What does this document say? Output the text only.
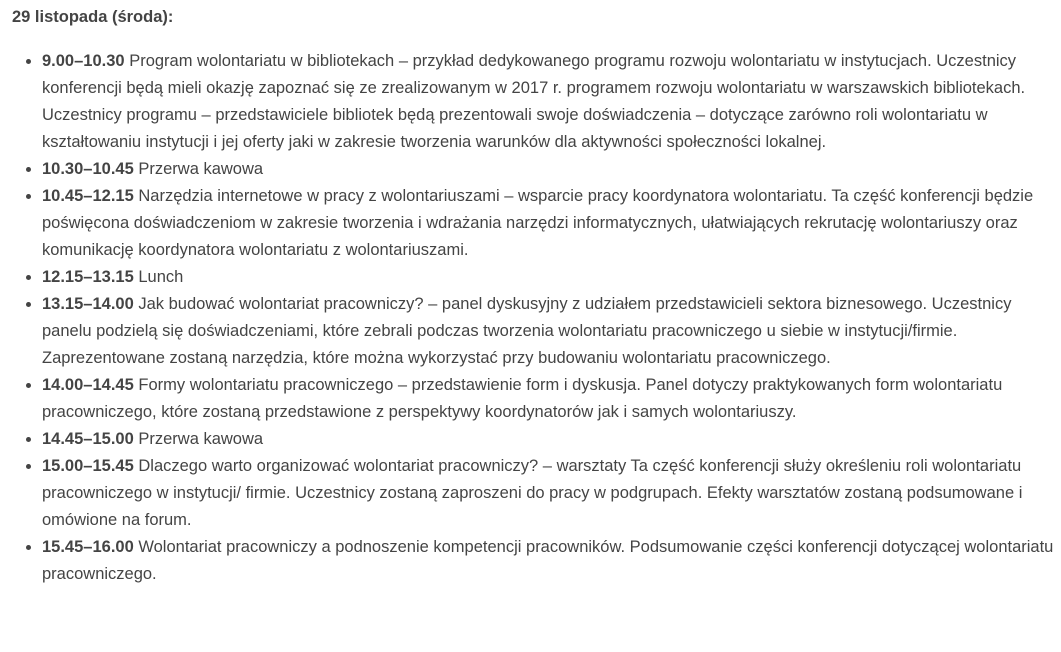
29 listopada (środa):
9.00–10.30 Program wolontariatu w bibliotekach – przykład dedykowanego programu rozwoju wolontariatu w instytucjach. Uczestnicy konferencji będą mieli okazję zapoznać się ze zrealizowanym w 2017 r. programem rozwoju wolontariatu w warszawskich bibliotekach. Uczestnicy programu – przedstawiciele bibliotek będą prezentowali swoje doświadczenia – dotyczące zarówno roli wolontariatu w kształtowaniu instytucji i jej oferty jaki w zakresie tworzenia warunków dla aktywności społeczności lokalnej.
10.30–10.45 Przerwa kawowa
10.45–12.15 Narzędzia internetowe w pracy z wolontariuszami – wsparcie pracy koordynatora wolontariatu. Ta część konferencji będzie poświęcona doświadczeniom w zakresie tworzenia i wdrażania narzędzi informatycznych, ułatwiających rekrutację wolontariuszy oraz komunikację koordynatora wolontariatu z wolontariuszami.
12.15–13.15 Lunch
13.15–14.00 Jak budować wolontariat pracowniczy? – panel dyskusyjny z udziałem przedstawicieli sektora biznesowego. Uczestnicy panelu podzielą się doświadczeniami, które zebrali podczas tworzenia wolontariatu pracowniczego u siebie w instytucji/firmie. Zaprezentowane zostaną narzędzia, które można wykorzystać przy budowaniu wolontariatu pracowniczego.
14.00–14.45 Formy wolontariatu pracowniczego – przedstawienie form i dyskusja. Panel dotyczy praktykowanych form wolontariatu pracowniczego, które zostaną przedstawione z perspektywy koordynatorów jak i samych wolontariuszy.
14.45–15.00 Przerwa kawowa
15.00–15.45 Dlaczego warto organizować wolontariat pracowniczy? – warsztaty Ta część konferencji służy określeniu roli wolontariatu pracowniczego w instytucji/ firmie. Uczestnicy zostaną zaproszeni do pracy w podgrupach. Efekty warsztatów zostaną podsumowane i omówione na forum.
15.45–16.00 Wolontariat pracowniczy a podnoszenie kompetencji pracowników. Podsumowanie części konferencji dotyczącej wolontariatu pracowniczego.
